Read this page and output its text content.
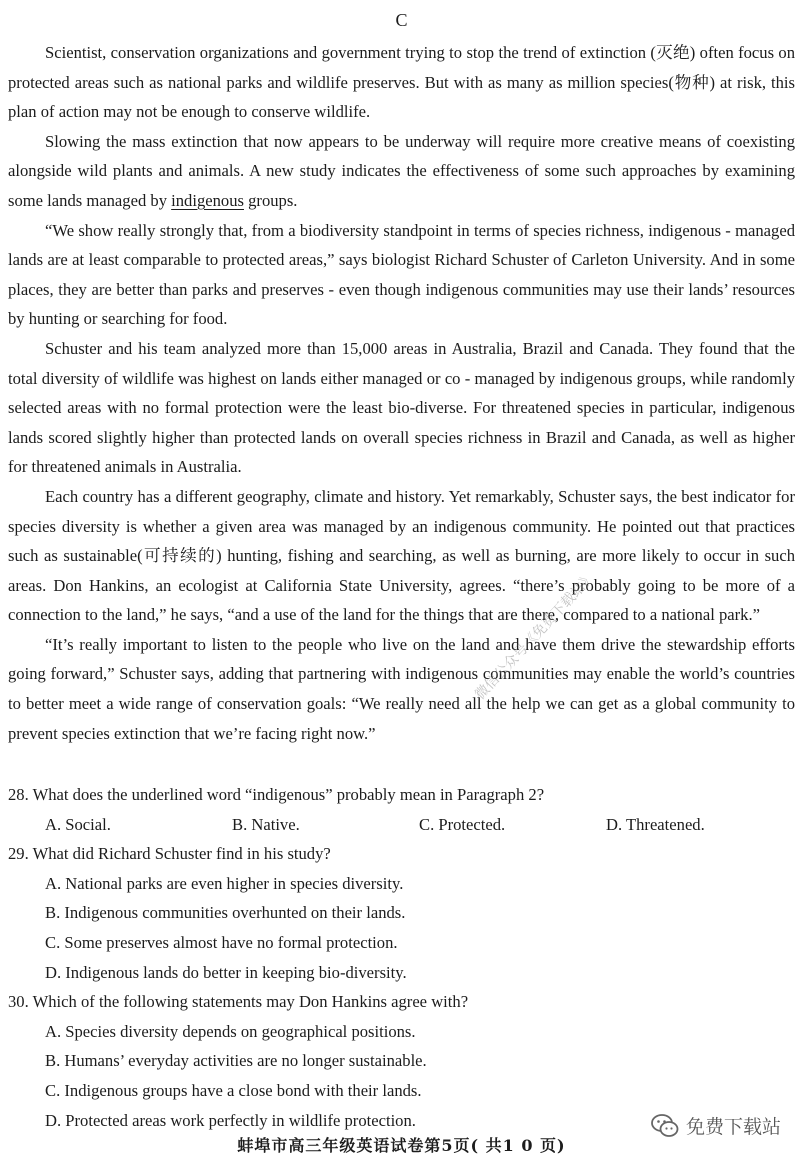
C

Scientist, conservation organizations and government trying to stop the trend of extinction (灭绝) often focus on protected areas such as national parks and wildlife preserves. But with as many as million species(物种) at risk, this plan of action may not be enough to conserve wildlife.

Slowing the mass extinction that now appears to be underway will require more creative means of coexisting alongside wild plants and animals. A new study indicates the effectiveness of some such approaches by examining some lands managed by indigenous groups.

“We show really strongly that, from a biodiversity standpoint in terms of species richness, indigenous - managed lands are at least comparable to protected areas,” says biologist Richard Schuster of Carleton University. And in some places, they are better than parks and preserves - even though indigenous communities may use their lands’ resources by hunting or searching for food.

Schuster and his team analyzed more than 15,000 areas in Australia, Brazil and Canada. They found that the total diversity of wildlife was highest on lands either managed or co - managed by indigenous groups, while randomly selected areas with no formal protection were the least bio-diverse. For threatened species in particular, indigenous lands scored slightly higher than protected lands on overall species richness in Brazil and Canada, as well as higher for threatened animals in Australia.

Each country has a different geography, climate and history. Yet remarkably, Schuster says, the best indicator for species diversity is whether a given area was managed by an indigenous community. He pointed out that practices such as sustainable(可持续的) hunting, fishing and searching, as well as burning, are more likely to occur in such areas. Don Hankins, an ecologist at California State University, agrees. “there’s probably going to be more of a connection to the land,” he says, “and a use of the land for the things that are there, compared to a national park.”

“It’s really important to listen to the people who live on the land and have them drive the stewardship efforts going forward,” Schuster says, adding that partnering with indigenous communities may enable the world’s countries to better meet a wide range of conservation goals: “We really need all the help we can get as a global community to prevent species extinction that we’re facing right now.”

28. What does the underlined word “indigenous” probably mean in Paragraph 2?

A. Social.	B. Native.	C. Protected.	D. Threatened.

29. What did Richard Schuster find in his study?

A. National parks are even higher in species diversity.

B. Indigenous communities overhunted on their lands.

C. Some preserves almost have no formal protection.

D. Indigenous lands do better in keeping bio-diversity.

30. Which of the following statements may Don Hankins agree with?

A. Species diversity depends on geographical positions.

B. Humans’ everyday activities are no longer sustainable.

C. Indigenous groups have a close bond with their lands.

D. Protected areas work perfectly in wildlife protection.

微信公众号《免费下载站》
免费下载站
蚌埠市高三年级英语试卷第5页( 共1 0 页)
